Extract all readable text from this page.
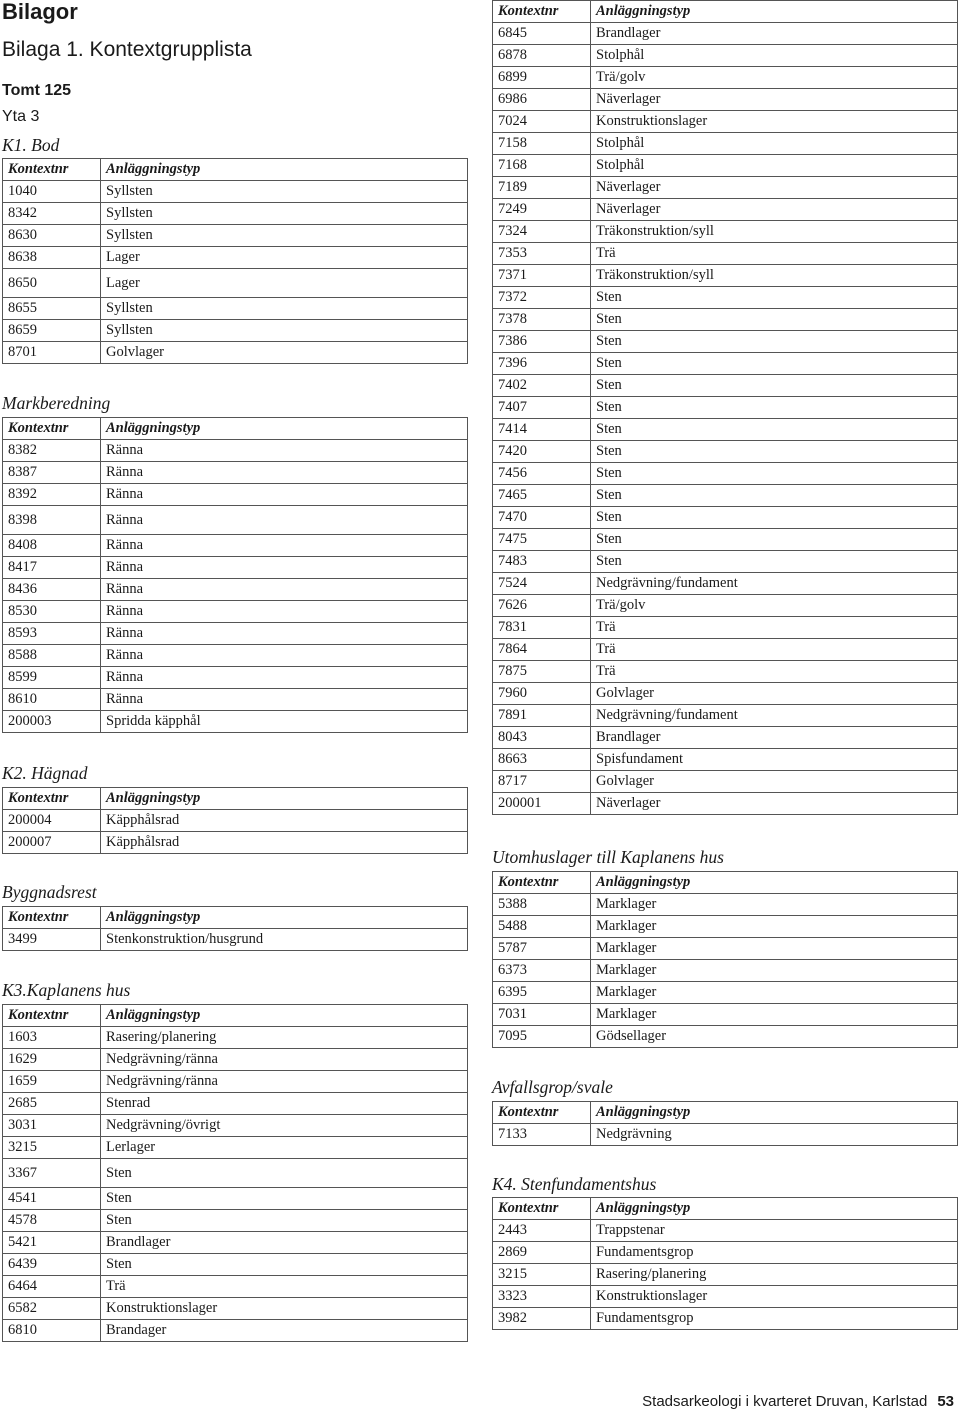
Bilagor
Bilaga 1. Kontextgrupplista
Tomt 125
Yta 3
K1. Bod
Kontextnr	Anläggningstyp
1040	Syllsten
8342	Syllsten
8630	Syllsten
8638	Lager
8650	Lager
8655	Syllsten
8659	Syllsten
8701	Golvlager
Markberedning
Kontextnr	Anläggningstyp
8382	Ränna
8387	Ränna
8392	Ränna
8398	Ränna
8408	Ränna
8417	Ränna
8436	Ränna
8530	Ränna
8593	Ränna
8588	Ränna
8599	Ränna
8610	Ränna
200003	Spridda käpphål
K2. Hägnad
Kontextnr	Anläggningstyp
200004	Käpphålsrad
200007	Käpphålsrad
Byggnadsrest
Kontextnr	Anläggningstyp
3499	Stenkonstruktion/husgrund
K3.Kaplanens hus
Kontextnr	Anläggningstyp
1603	Rasering/planering
1629	Nedgrävning/ränna
1659	Nedgrävning/ränna
2685	Stenrad
3031	Nedgrävning/övrigt
3215	Lerlager
3367	Sten
4541	Sten
4578	Sten
5421	Brandlager
6439	Sten
6464	Trä
6582	Konstruktionslager
6810	Brandager
Kontextnr	Anläggningstyp
6845	Brandlager
6878	Stolphål
6899	Trä/golv
6986	Näverlager
7024	Konstruktionslager
7158	Stolphål
7168	Stolphål
7189	Näverlager
7249	Näverlager
7324	Träkonstruktion/syll
7353	Trä
7371	Träkonstruktion/syll
7372	Sten
7378	Sten
7386	Sten
7396	Sten
7402	Sten
7407	Sten
7414	Sten
7420	Sten
7456	Sten
7465	Sten
7470	Sten
7475	Sten
7483	Sten
7524	Nedgrävning/fundament
7626	Trä/golv
7831	Trä
7864	Trä
7875	Trä
7960	Golvlager
7891	Nedgrävning/fundament
8043	Brandlager
8663	Spisfundament
8717	Golvlager
200001	Näverlager
Utomhuslager till Kaplanens hus
Kontextnr	Anläggningstyp
5388	Marklager
5488	Marklager
5787	Marklager
6373	Marklager
6395	Marklager
7031	Marklager
7095	Gödsellager
Avfallsgrop/svale
Kontextnr	Anläggningstyp
7133	Nedgrävning
K4. Stenfundamentshus
Kontextnr	Anläggningstyp
2443	Trappstenar
2869	Fundamentsgrop
3215	Rasering/planering
3323	Konstruktionslager
3982	Fundamentsgrop
Stadsarkeologi i kvarteret Druvan, Karlstad 53
